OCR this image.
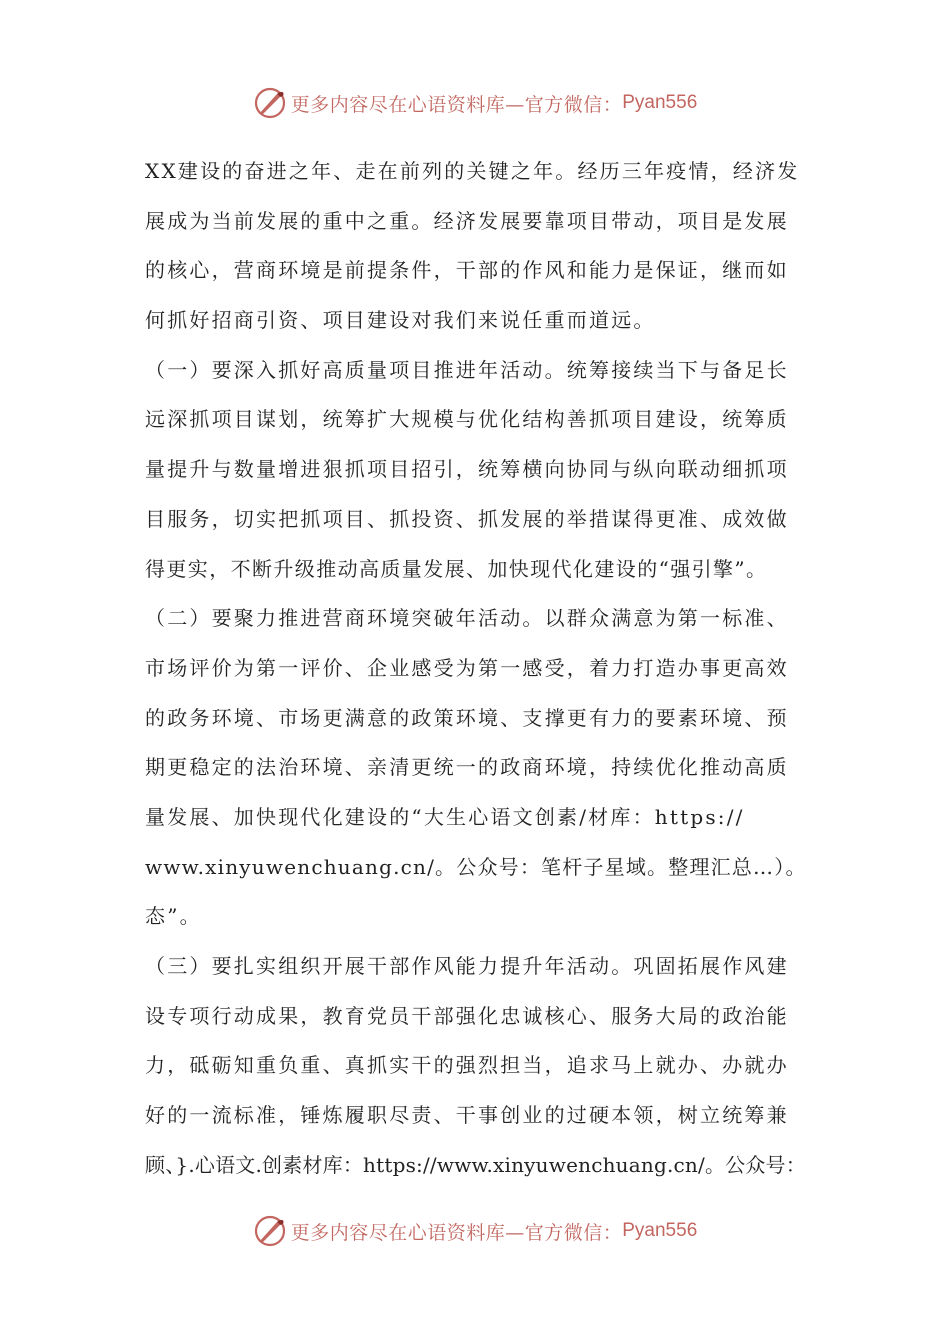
更多内容尽在心语资料库—官方微信： Pyan556
XX建设的奋进之年、走在前列的关键之年。经历三年疫情，经济发
展成为当前发展的重中之重。经济发展要靠项目带动，项目是发展
的核心，营商环境是前提条件，干部的作风和能力是保证，继而如
何抓好招商引资、项目建设对我们来说任重而道远。
（一）要深入抓好高质量项目推进年活动。统筹接续当下与备足长
远深抓项目谋划，统筹扩大规模与优化结构善抓项目建设，统筹质
量提升与数量增进狠抓项目招引，统筹横向协同与纵向联动细抓项
目服务，切实把抓项目、抓投资、抓发展的举措谋得更准、成效做
得更实，不断升级推动高质量发展、加快现代化建设的“强引擎”。
（二）要聚力推进营商环境突破年活动。以群众满意为第一标准、
市场评价为第一评价、企业感受为第一感受，着力打造办事更高效
的政务环境、市场更满意的政策环境、支撑更有力的要素环境、预
期更稳定的法治环境、亲清更统一的政商环境，持续优化推动高质
量发展、加快现代化建设的“大生心语文创素/材库：https://
www.xinyuwenchuang.cn/。公众号：笔杆子星域。整理汇总…）。
态”。
（三）要扎实组织开展干部作风能力提升年活动。巩固拓展作风建
设专项行动成果，教育党员干部强化忠诚核心、服务大局的政治能
力，砥砺知重负重、真抓实干的强烈担当，追求马上就办、办就办
好的一流标准，锤炼履职尽责、干事创业的过硬本领，树立统筹兼
顾、}.心语文.创素材库：https://www.xinyuwenchuang.cn/。公众号：
更多内容尽在心语资料库—官方微信： Pyan556
